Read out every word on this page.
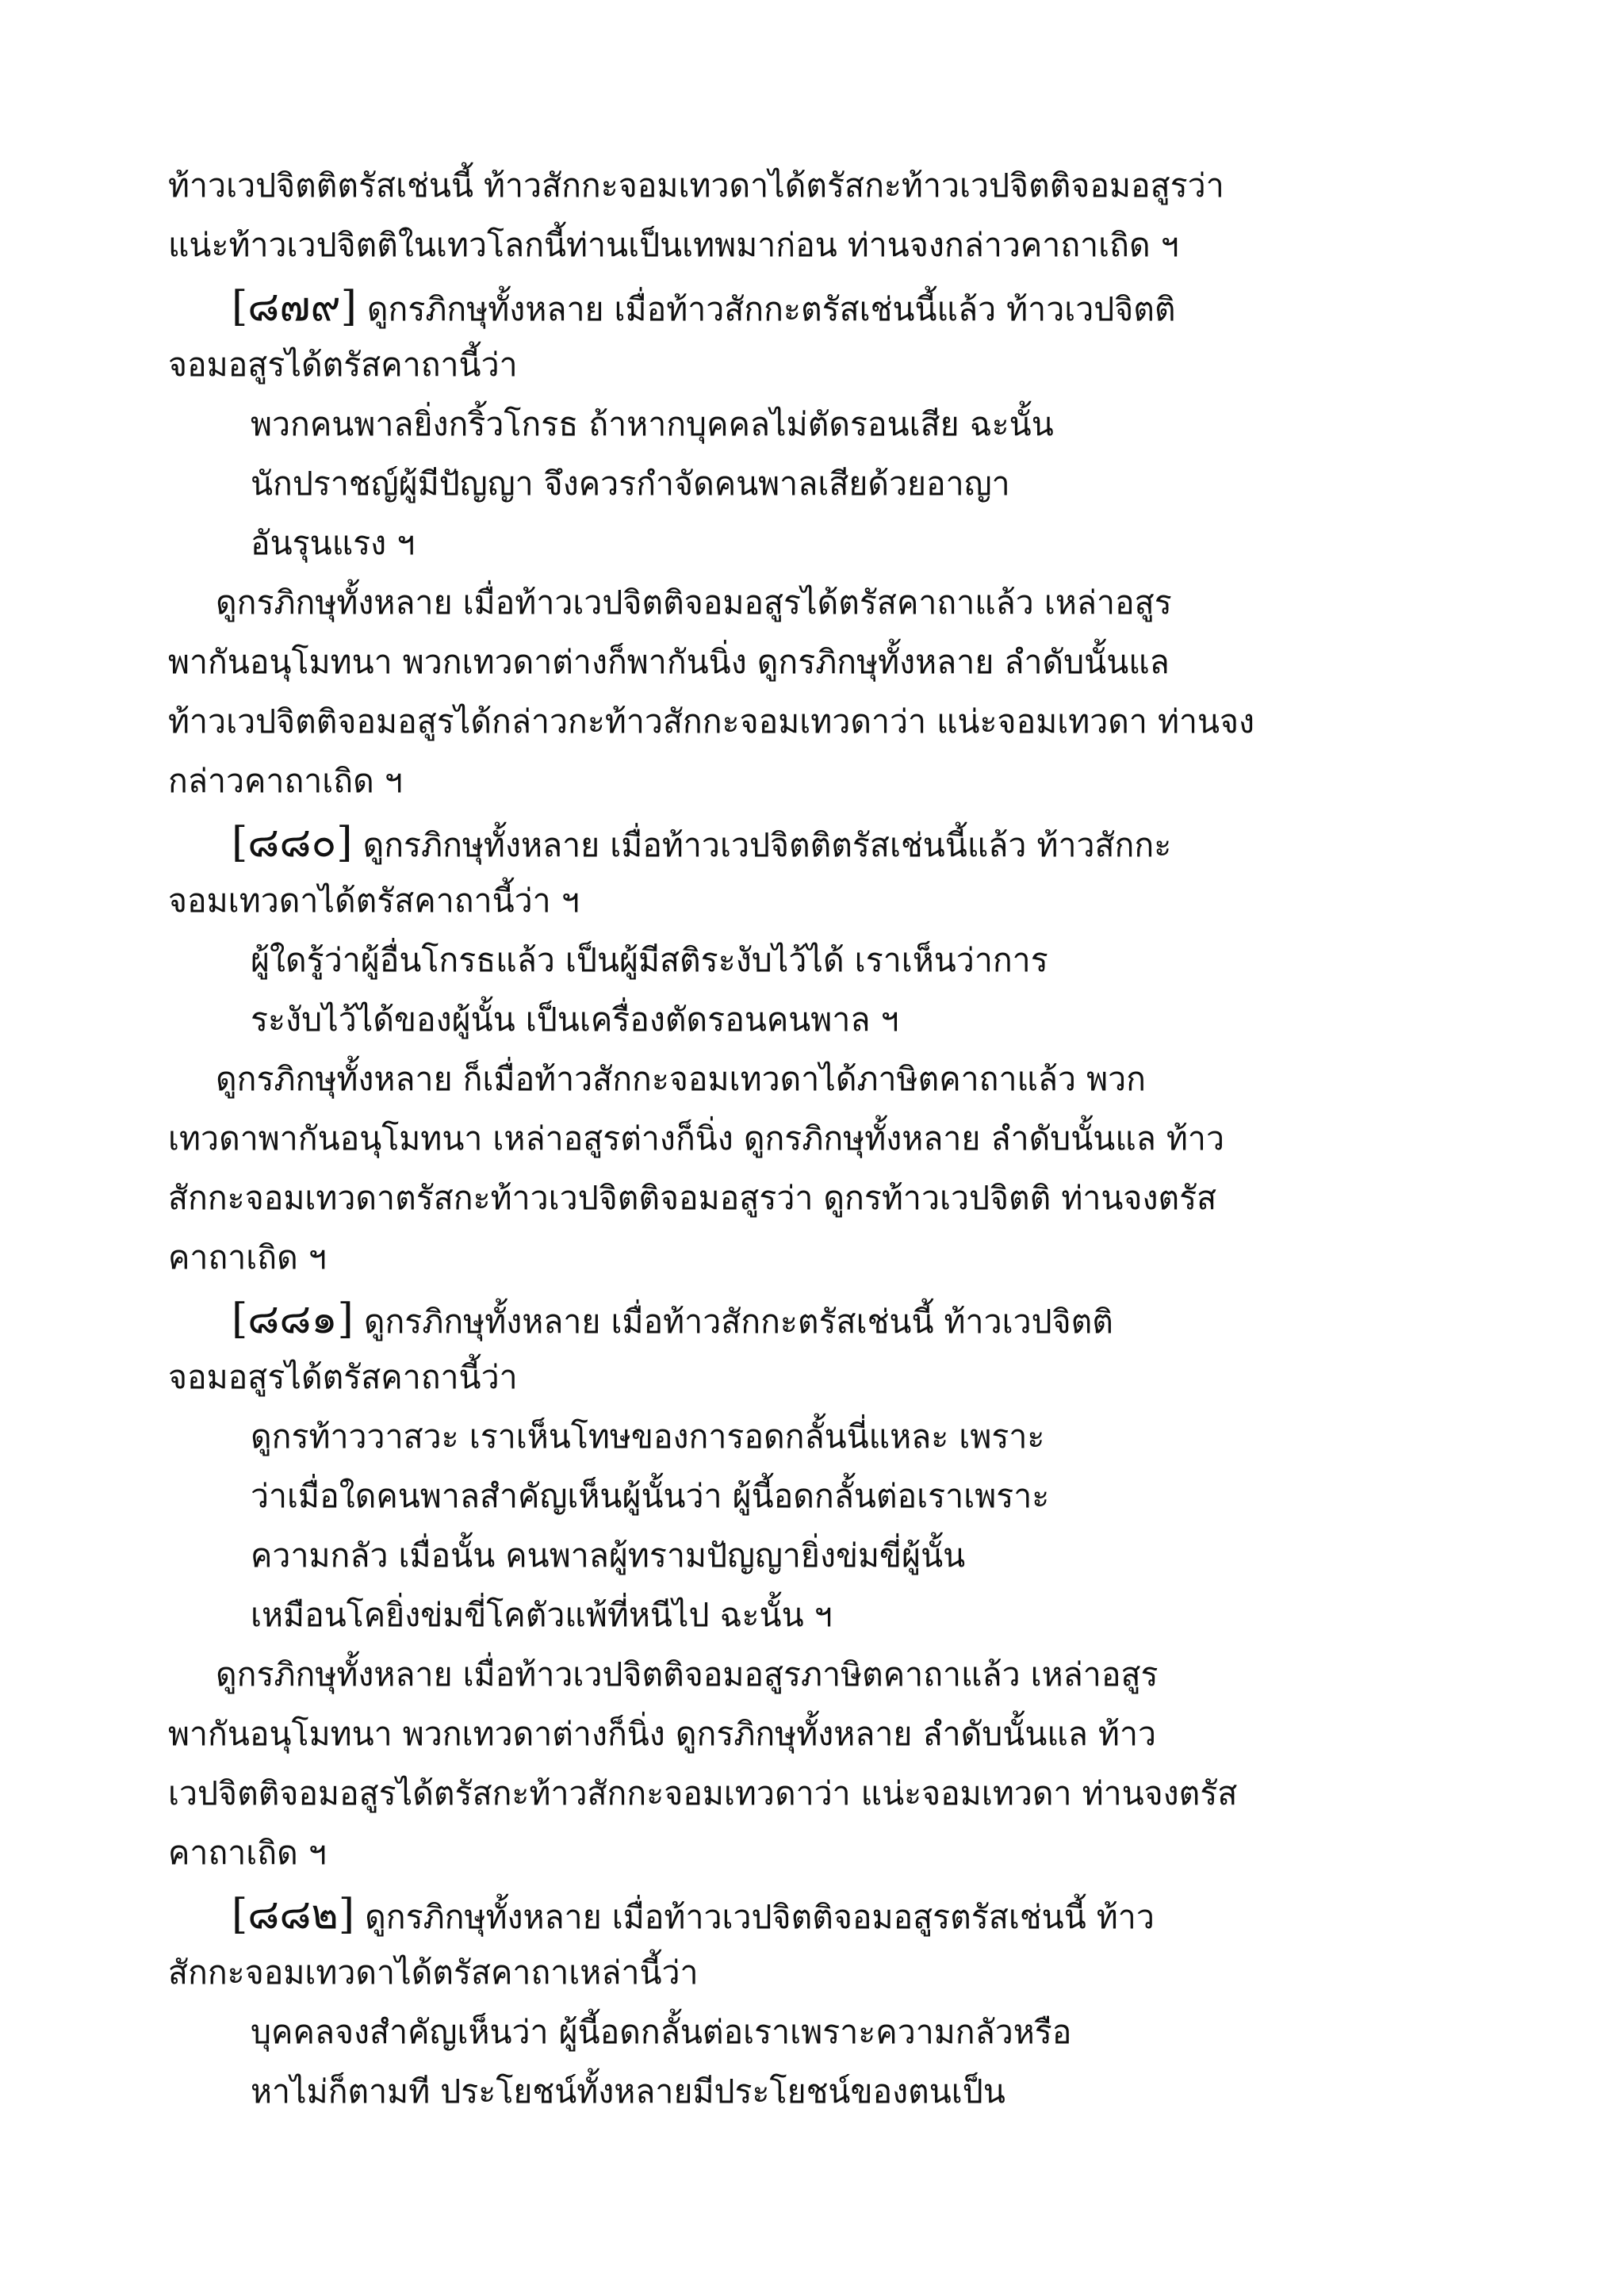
ท้าวเวปจิตติตรัสเช่นนี้ ท้าวสักกะจอมเทวดาได้ตรัสกะท้าวเวปจิตติจอมอสูรว่า
แน่ะท้าวเวปจิตติในเทวโลกนี้ท่านเป็นเทพมาก่อน ท่านจงกล่าวคาถาเถิด ฯ
[๘๗๙] ดูกรภิกษุทั้งหลาย เมื่อท้าวสักกะตรัสเช่นนี้แล้ว ท้าวเวปจิตติ
จอมอสูรได้ตรัสคาถานี้ว่า
พวกคนพาลยิ่งกริ้วโกรธ ถ้าหากบุคคลไม่ตัดรอนเสีย ฉะนั้น
นักปราชญ์ผู้มีปัญญา จึงควรกำจัดคนพาลเสียด้วยอาญา
อันรุนแรง ฯ
ดูกรภิกษุทั้งหลาย เมื่อท้าวเวปจิตติจอมอสูรได้ตรัสคาถาแล้ว เหล่าอสูร
พากันอนุโมทนา พวกเทวดาต่างก็พากันนิ่ง ดูกรภิกษุทั้งหลาย ลำดับนั้นแล
ท้าวเวปจิตติจอมอสูรได้กล่าวกะท้าวสักกะจอมเทวดาว่า แน่ะจอมเทวดา ท่านจง
กล่าวคาถาเถิด ฯ
[๘๘๐] ดูกรภิกษุทั้งหลาย เมื่อท้าวเวปจิตติตรัสเช่นนี้แล้ว ท้าวสักกะ
จอมเทวดาได้ตรัสคาถานี้ว่า ฯ
ผู้ใดรู้ว่าผู้อื่นโกรธแล้ว เป็นผู้มีสติระงับไว้ได้ เราเห็นว่าการ
ระงับไว้ได้ของผู้นั้น เป็นเครื่องตัดรอนคนพาล ฯ
ดูกรภิกษุทั้งหลาย ก็เมื่อท้าวสักกะจอมเทวดาได้ภาษิตคาถาแล้ว พวก
เทวดาพากันอนุโมทนา เหล่าอสูรต่างก็นิ่ง ดูกรภิกษุทั้งหลาย ลำดับนั้นแล ท้าว
สักกะจอมเทวดาตรัสกะท้าวเวปจิตติจอมอสูรว่า ดูกรท้าวเวปจิตติ ท่านจงตรัส
คาถาเถิด ฯ
[๘๘๑] ดูกรภิกษุทั้งหลาย เมื่อท้าวสักกะตรัสเช่นนี้ ท้าวเวปจิตติ
จอมอสูรได้ตรัสคาถานี้ว่า
ดูกรท้าววาสวะ เราเห็นโทษของการอดกลั้นนี่แหละ เพราะ
ว่าเมื่อใดคนพาลสำคัญเห็นผู้นั้นว่า ผู้นี้อดกลั้นต่อเราเพราะ
ความกลัว เมื่อนั้น คนพาลผู้ทรามปัญญายิ่งข่มขี่ผู้นั้น
เหมือนโคยิ่งข่มขี่โคตัวแพ้ที่หนีไป ฉะนั้น ฯ
ดูกรภิกษุทั้งหลาย เมื่อท้าวเวปจิตติจอมอสูรภาษิตคาถาแล้ว เหล่าอสูร
พากันอนุโมทนา พวกเทวดาต่างก็นิ่ง ดูกรภิกษุทั้งหลาย ลำดับนั้นแล ท้าว
เวปจิตติจอมอสูรได้ตรัสกะท้าวสักกะจอมเทวดาว่า แน่ะจอมเทวดา ท่านจงตรัส
คาถาเถิด ฯ
[๘๘๒] ดูกรภิกษุทั้งหลาย เมื่อท้าวเวปจิตติจอมอสูรตรัสเช่นนี้ ท้าว
สักกะจอมเทวดาได้ตรัสคาถาเหล่านี้ว่า
บุคคลจงสำคัญเห็นว่า ผู้นี้อดกลั้นต่อเราเพราะความกลัวหรือ
หาไม่ก็ตามที ประโยชน์ทั้งหลายมีประโยชน์ของตนเป็น
